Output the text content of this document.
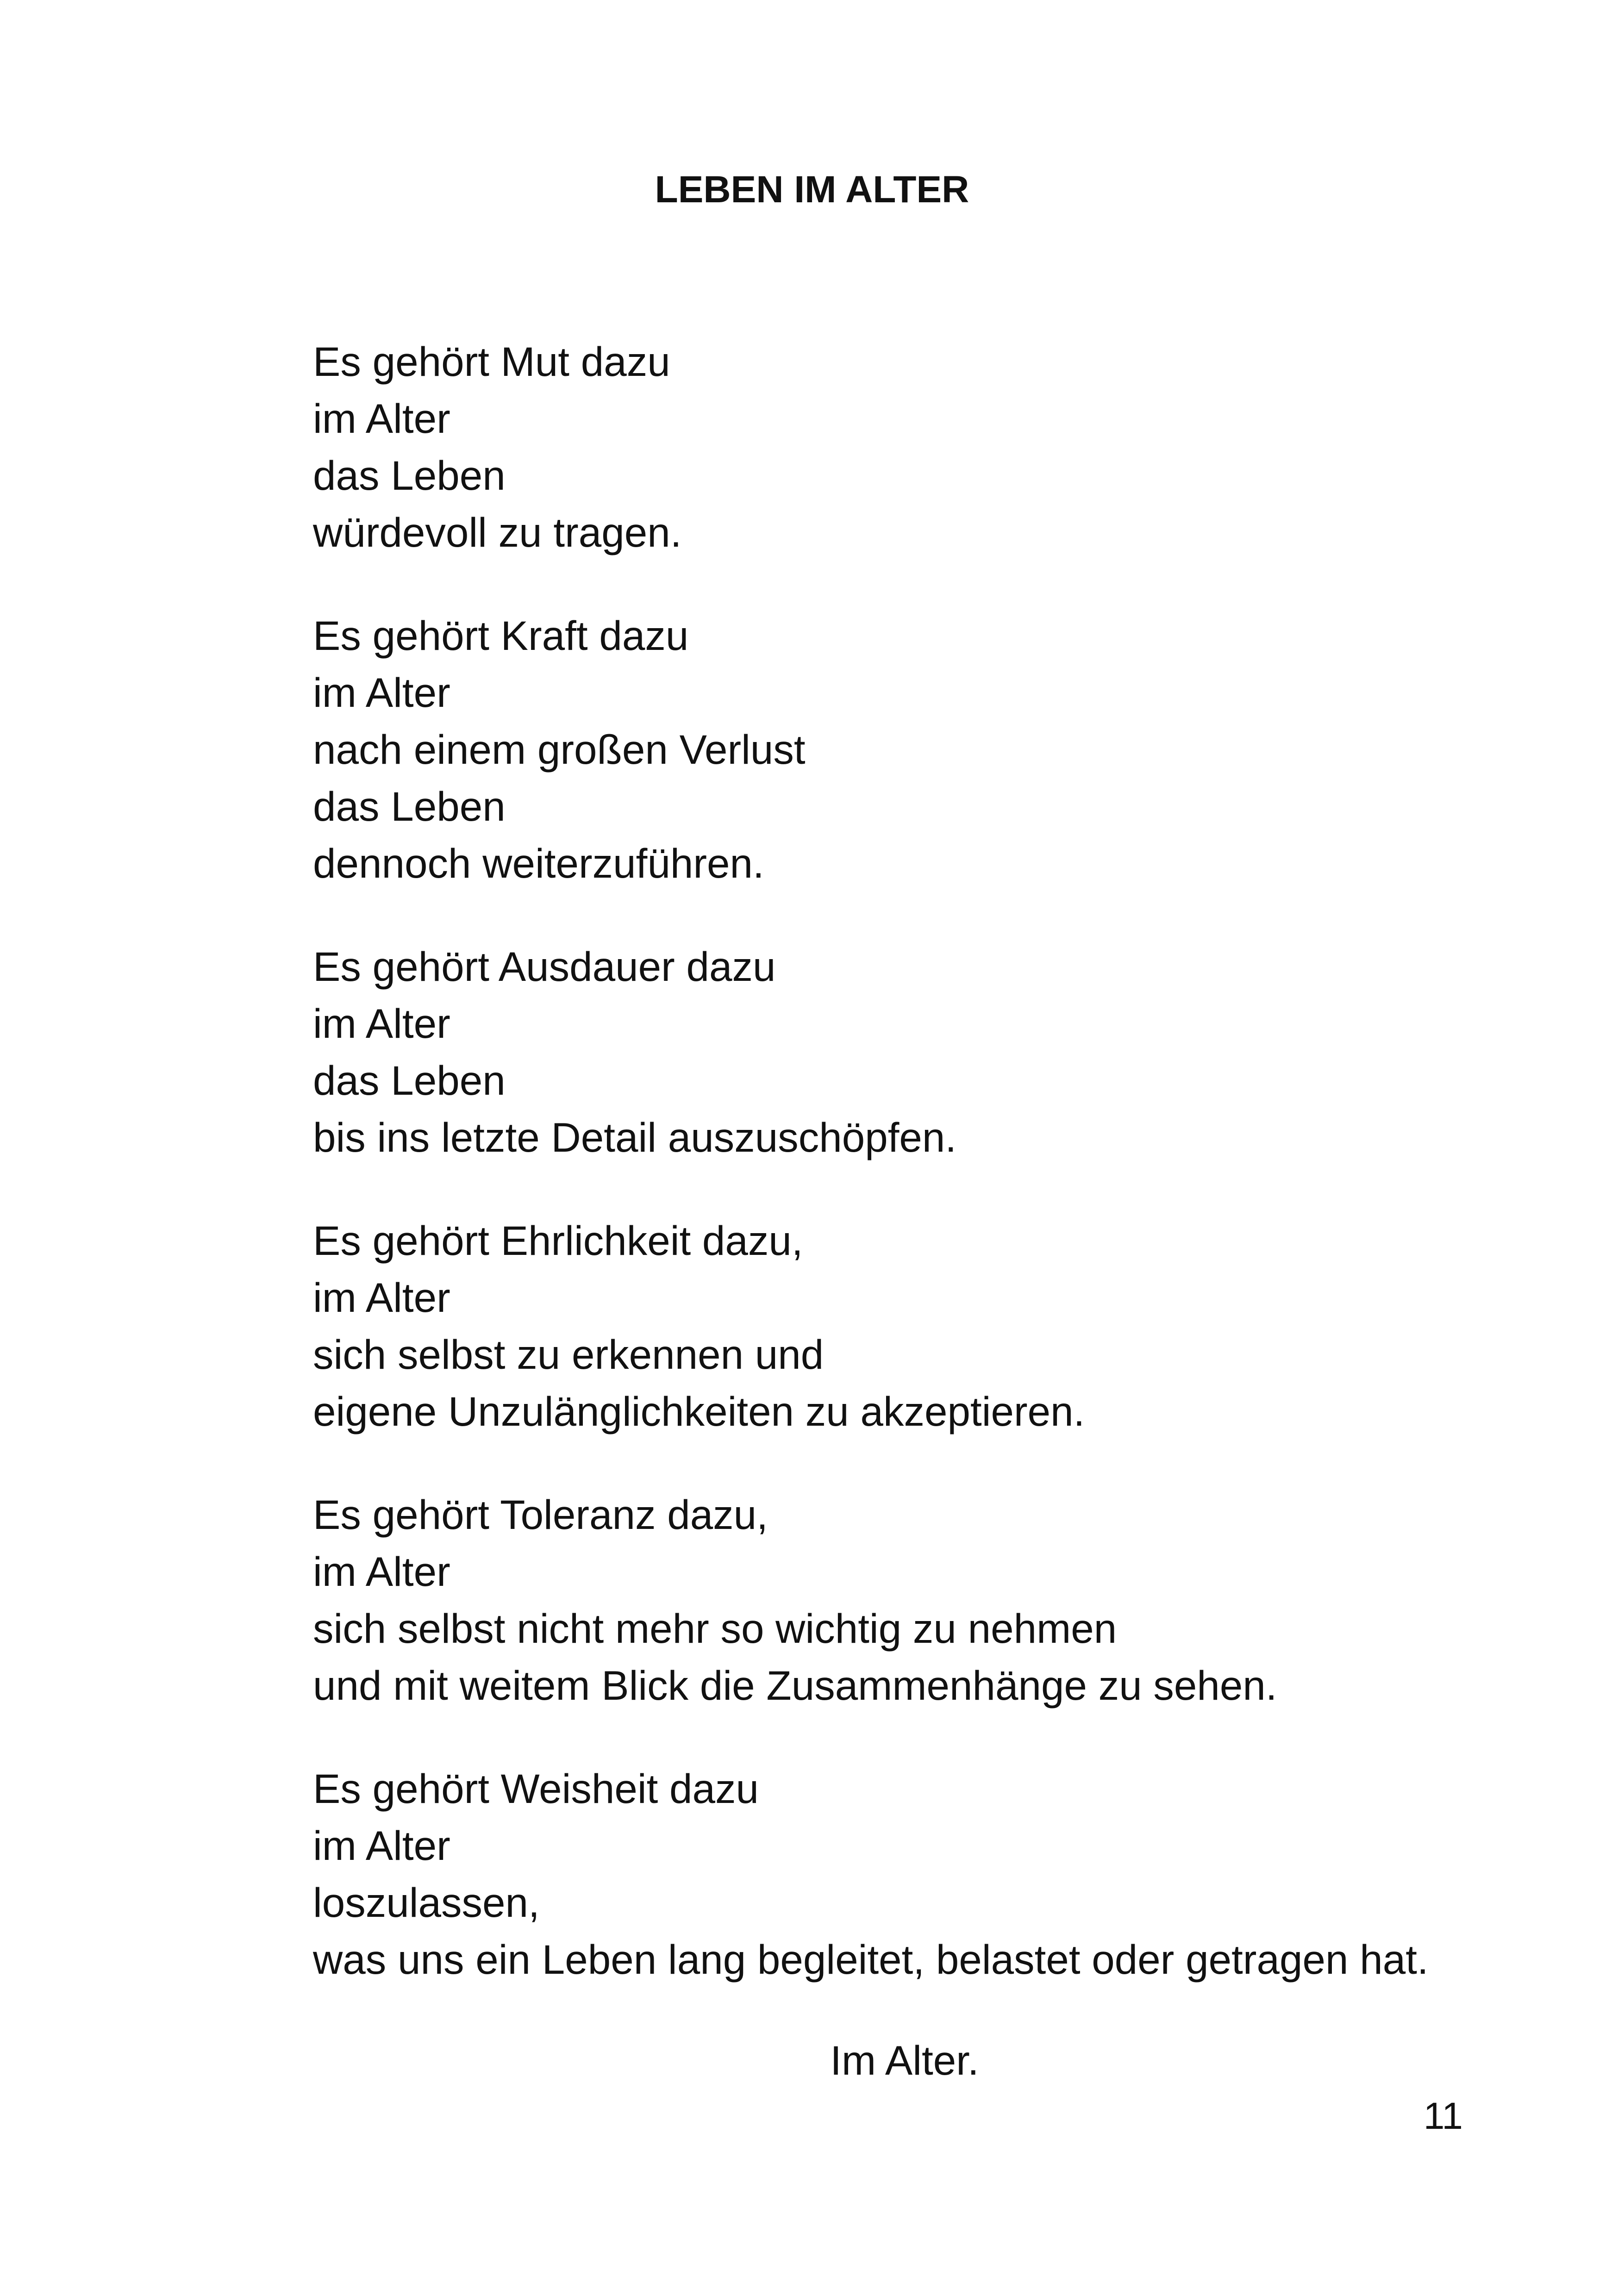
LEBEN IM ALTER
Es gehört Mut dazu
im Alter
das Leben
würdevoll zu tragen.
Es gehört Kraft dazu
im Alter
nach einem großen Verlust
das Leben
dennoch weiterzuführen.
Es gehört Ausdauer dazu
im Alter
das Leben
bis ins letzte Detail auszuschöpfen.
Es gehört Ehrlichkeit dazu,
im Alter
sich selbst zu erkennen und
eigene Unzulänglichkeiten zu akzeptieren.
Es gehört Toleranz dazu,
im Alter
sich selbst nicht mehr so wichtig zu nehmen
und mit weitem Blick die Zusammenhänge zu sehen.
Es gehört Weisheit dazu
im Alter
loszulassen,
was uns ein Leben lang begleitet, belastet oder getragen hat.
Im Alter.
11
